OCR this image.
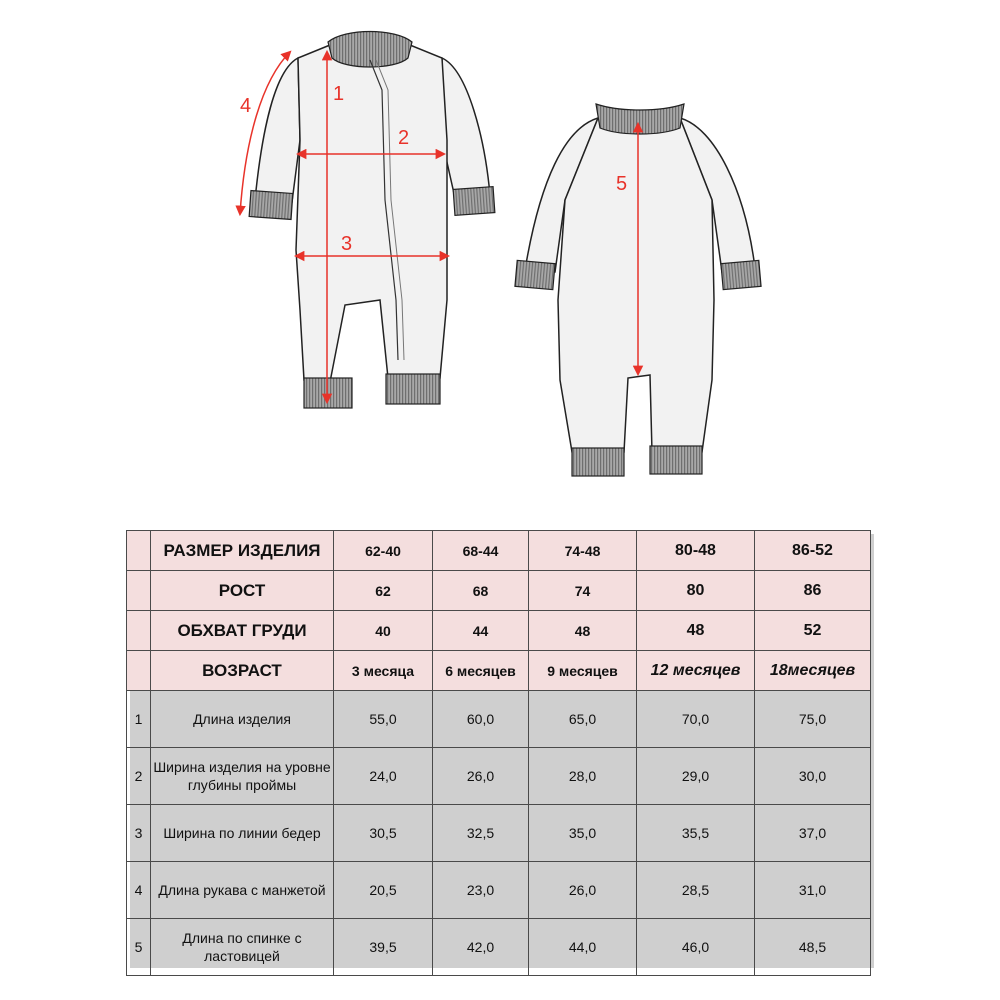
1
2
3
4
5
	РАЗМЕР ИЗДЕЛИЯ	62-40	68-44	74-48	80-48	86-52
	РОСТ	62	68	74	80	86
	ОБХВАТ ГРУДИ	40	44	48	48	52
	ВОЗРАСТ	3 месяца	6 месяцев	9 месяцев	12 месяцев	18месяцев
1	Длина изделия	55,0	60,0	65,0	70,0	75,0
2	Ширина изделия на уровне глубины проймы	24,0	26,0	28,0	29,0	30,0
3	Ширина по линии бедер	30,5	32,5	35,0	35,5	37,0
4	Длина рукава с манжетой	20,5	23,0	26,0	28,5	31,0
5	Длина по спинке с ластовицей	39,5	42,0	44,0	46,0	48,5
